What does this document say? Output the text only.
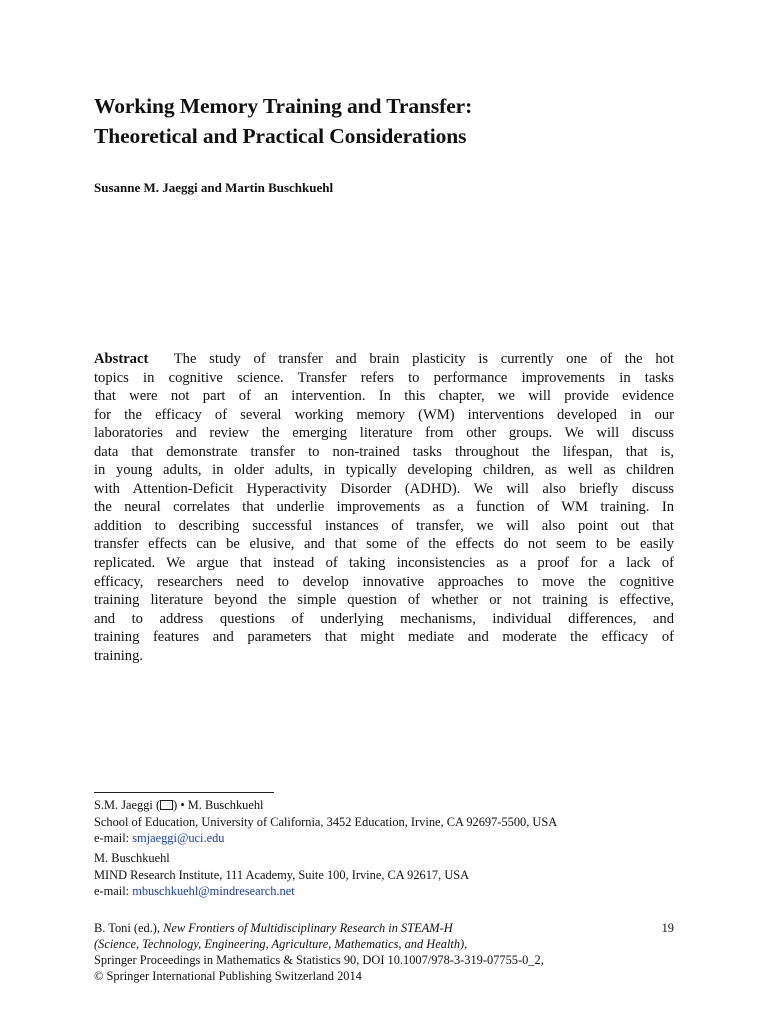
Working Memory Training and Transfer:
Theoretical and Practical Considerations
Susanne M. Jaeggi and Martin Buschkuehl
Abstract The study of transfer and brain plasticity is currently one of the hot
topics in cognitive science. Transfer refers to performance improvements in tasks
that were not part of an intervention. In this chapter, we will provide evidence
for the efficacy of several working memory (WM) interventions developed in our
laboratories and review the emerging literature from other groups. We will discuss
data that demonstrate transfer to non-trained tasks throughout the lifespan, that is,
in young adults, in older adults, in typically developing children, as well as children
with Attention-Deficit Hyperactivity Disorder (ADHD). We will also briefly discuss
the neural correlates that underlie improvements as a function of WM training. In
addition to describing successful instances of transfer, we will also point out that
transfer effects can be elusive, and that some of the effects do not seem to be easily
replicated. We argue that instead of taking inconsistencies as a proof for a lack of
efficacy, researchers need to develop innovative approaches to move the cognitive
training literature beyond the simple question of whether or not training is effective,
and to address questions of underlying mechanisms, individual differences, and
training features and parameters that might mediate and moderate the efficacy of
training.
S.M. Jaeggi ( ) • M. Buschkuehl
School of Education, University of California, 3452 Education, Irvine, CA 92697-5500, USA
e-mail: smjaeggi@uci.edu
M. Buschkuehl
MIND Research Institute, 111 Academy, Suite 100, Irvine, CA 92617, USA
e-mail: mbuschkuehl@mindresearch.net
B. Toni (ed.), New Frontiers of Multidisciplinary Research in STEAM-H
(Science, Technology, Engineering, Agriculture, Mathematics, and Health),
Springer Proceedings in Mathematics & Statistics 90, DOI 10.1007/978-3-319-07755-0_2,
© Springer International Publishing Switzerland 2014
19
